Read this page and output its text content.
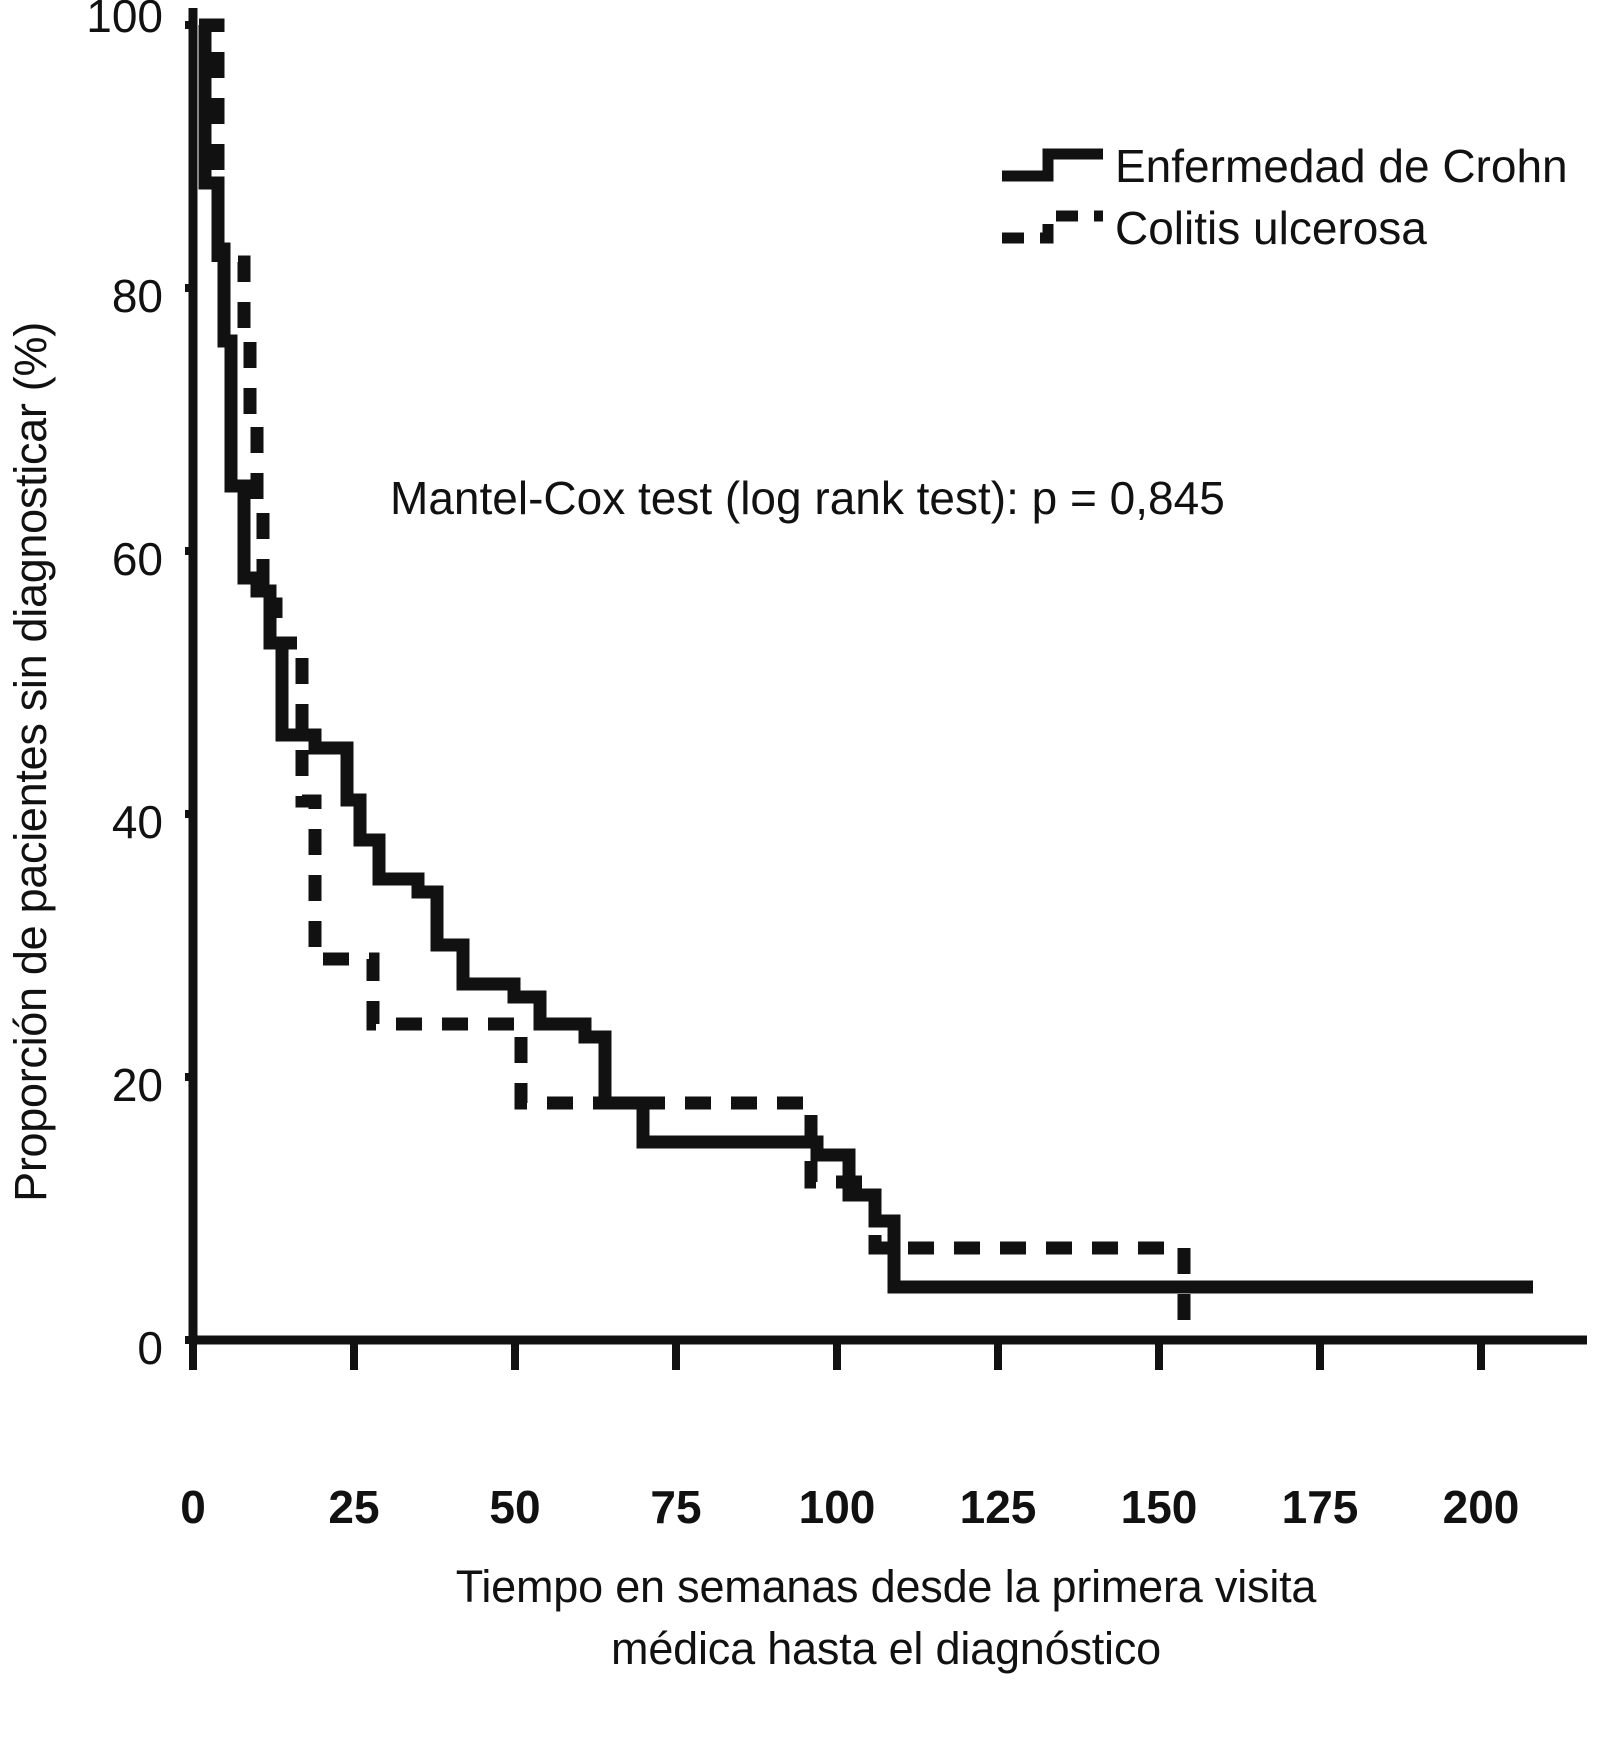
Proporción de pacientes sin diagnosticar (%)
100
80
60
40
20
0
0	25 50 75 100 125 150 175 200
Tiempo en semanas desde la primera visita
médica hasta el diagnóstico
Enfermedad de Crohn
Colitis ulcerosa
Mantel-Cox test (log rank test): p = 0,845
